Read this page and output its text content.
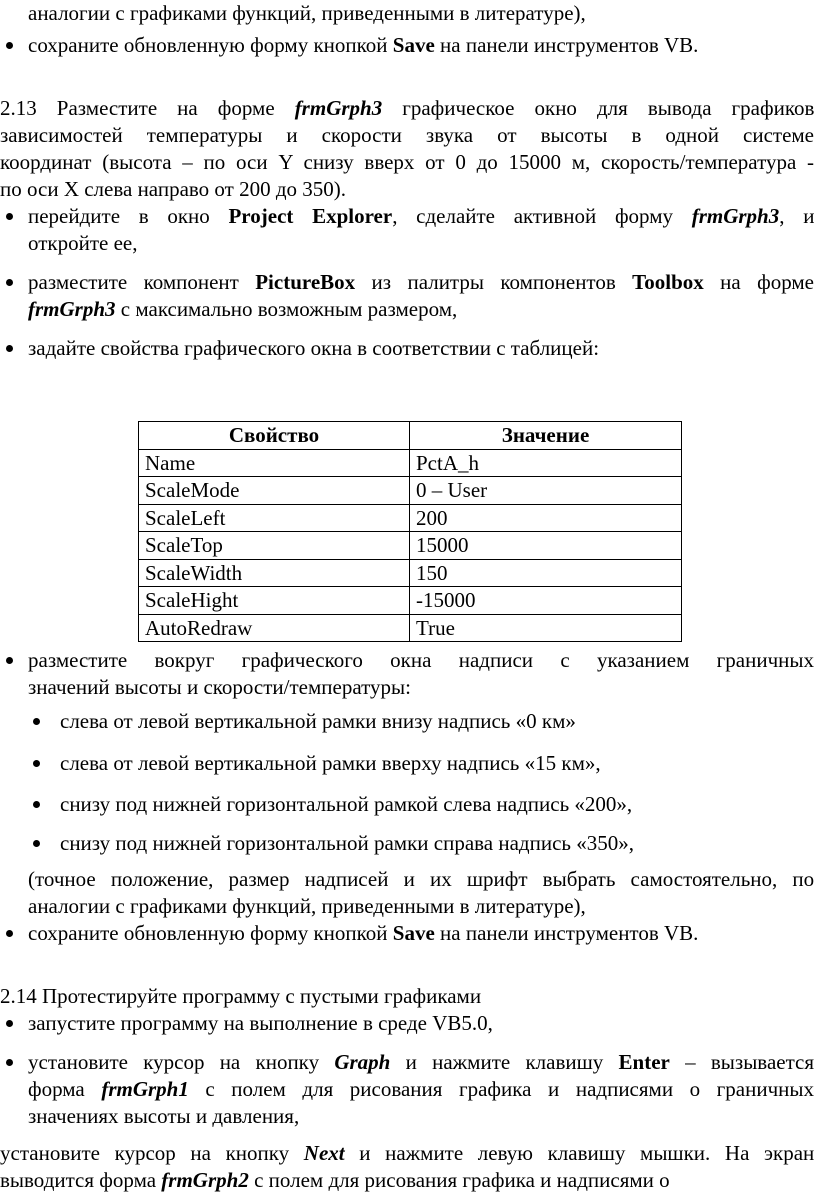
аналогии с графиками функций, приведенными в литературе),
сохраните обновленную форму кнопкой Save на панели инструментов VB.
2.13 Разместите на форме frmGrph3 графическое окно для вывода графиков
зависимостей температуры и скорости звука от высоты в одной системе
координат (высота – по оси Y снизу вверх от 0 до 15000 м, скорость/температура -
по оси X слева направо от 200 до 350).
перейдите в окно Project Explorer, сделайте активной форму frmGrph3, и
откройте ее,
разместите компонент PictureBox из палитры компонентов Toolbox на форме
frmGrph3 с максимально возможным размером,
задайте свойства графического окна в соответствии с таблицей:
Свойство	Значение
Name	PctA_h
ScaleMode	0 – User
ScaleLeft	200
ScaleTop	15000
ScaleWidth	150
ScaleHight	-15000
AutoRedraw	True
разместите вокруг графического окна надписи с указанием граничных
значений высоты и скорости/температуры:
слева от левой вертикальной рамки внизу надпись «0 км»
слева от левой вертикальной рамки вверху надпись «15 км»,
снизу под нижней горизонтальной рамкой слева надпись «200»,
снизу под нижней горизонтальной рамки справа надпись «350»,
(точное положение, размер надписей и их шрифт выбрать самостоятельно, по
аналогии с графиками функций, приведенными в литературе),
сохраните обновленную форму кнопкой Save на панели инструментов VB.
2.14 Протестируйте программу с пустыми графиками
запустите программу на выполнение в среде VB5.0,
установите курсор на кнопку Graph и нажмите клавишу Enter – вызывается
форма frmGrph1 с полем для рисования графика и надписями о граничных
значениях высоты и давления,
установите курсор на кнопку Next и нажмите левую клавишу мышки. На экран
выводится форма frmGrph2 с полем для рисования графика и надписями о
